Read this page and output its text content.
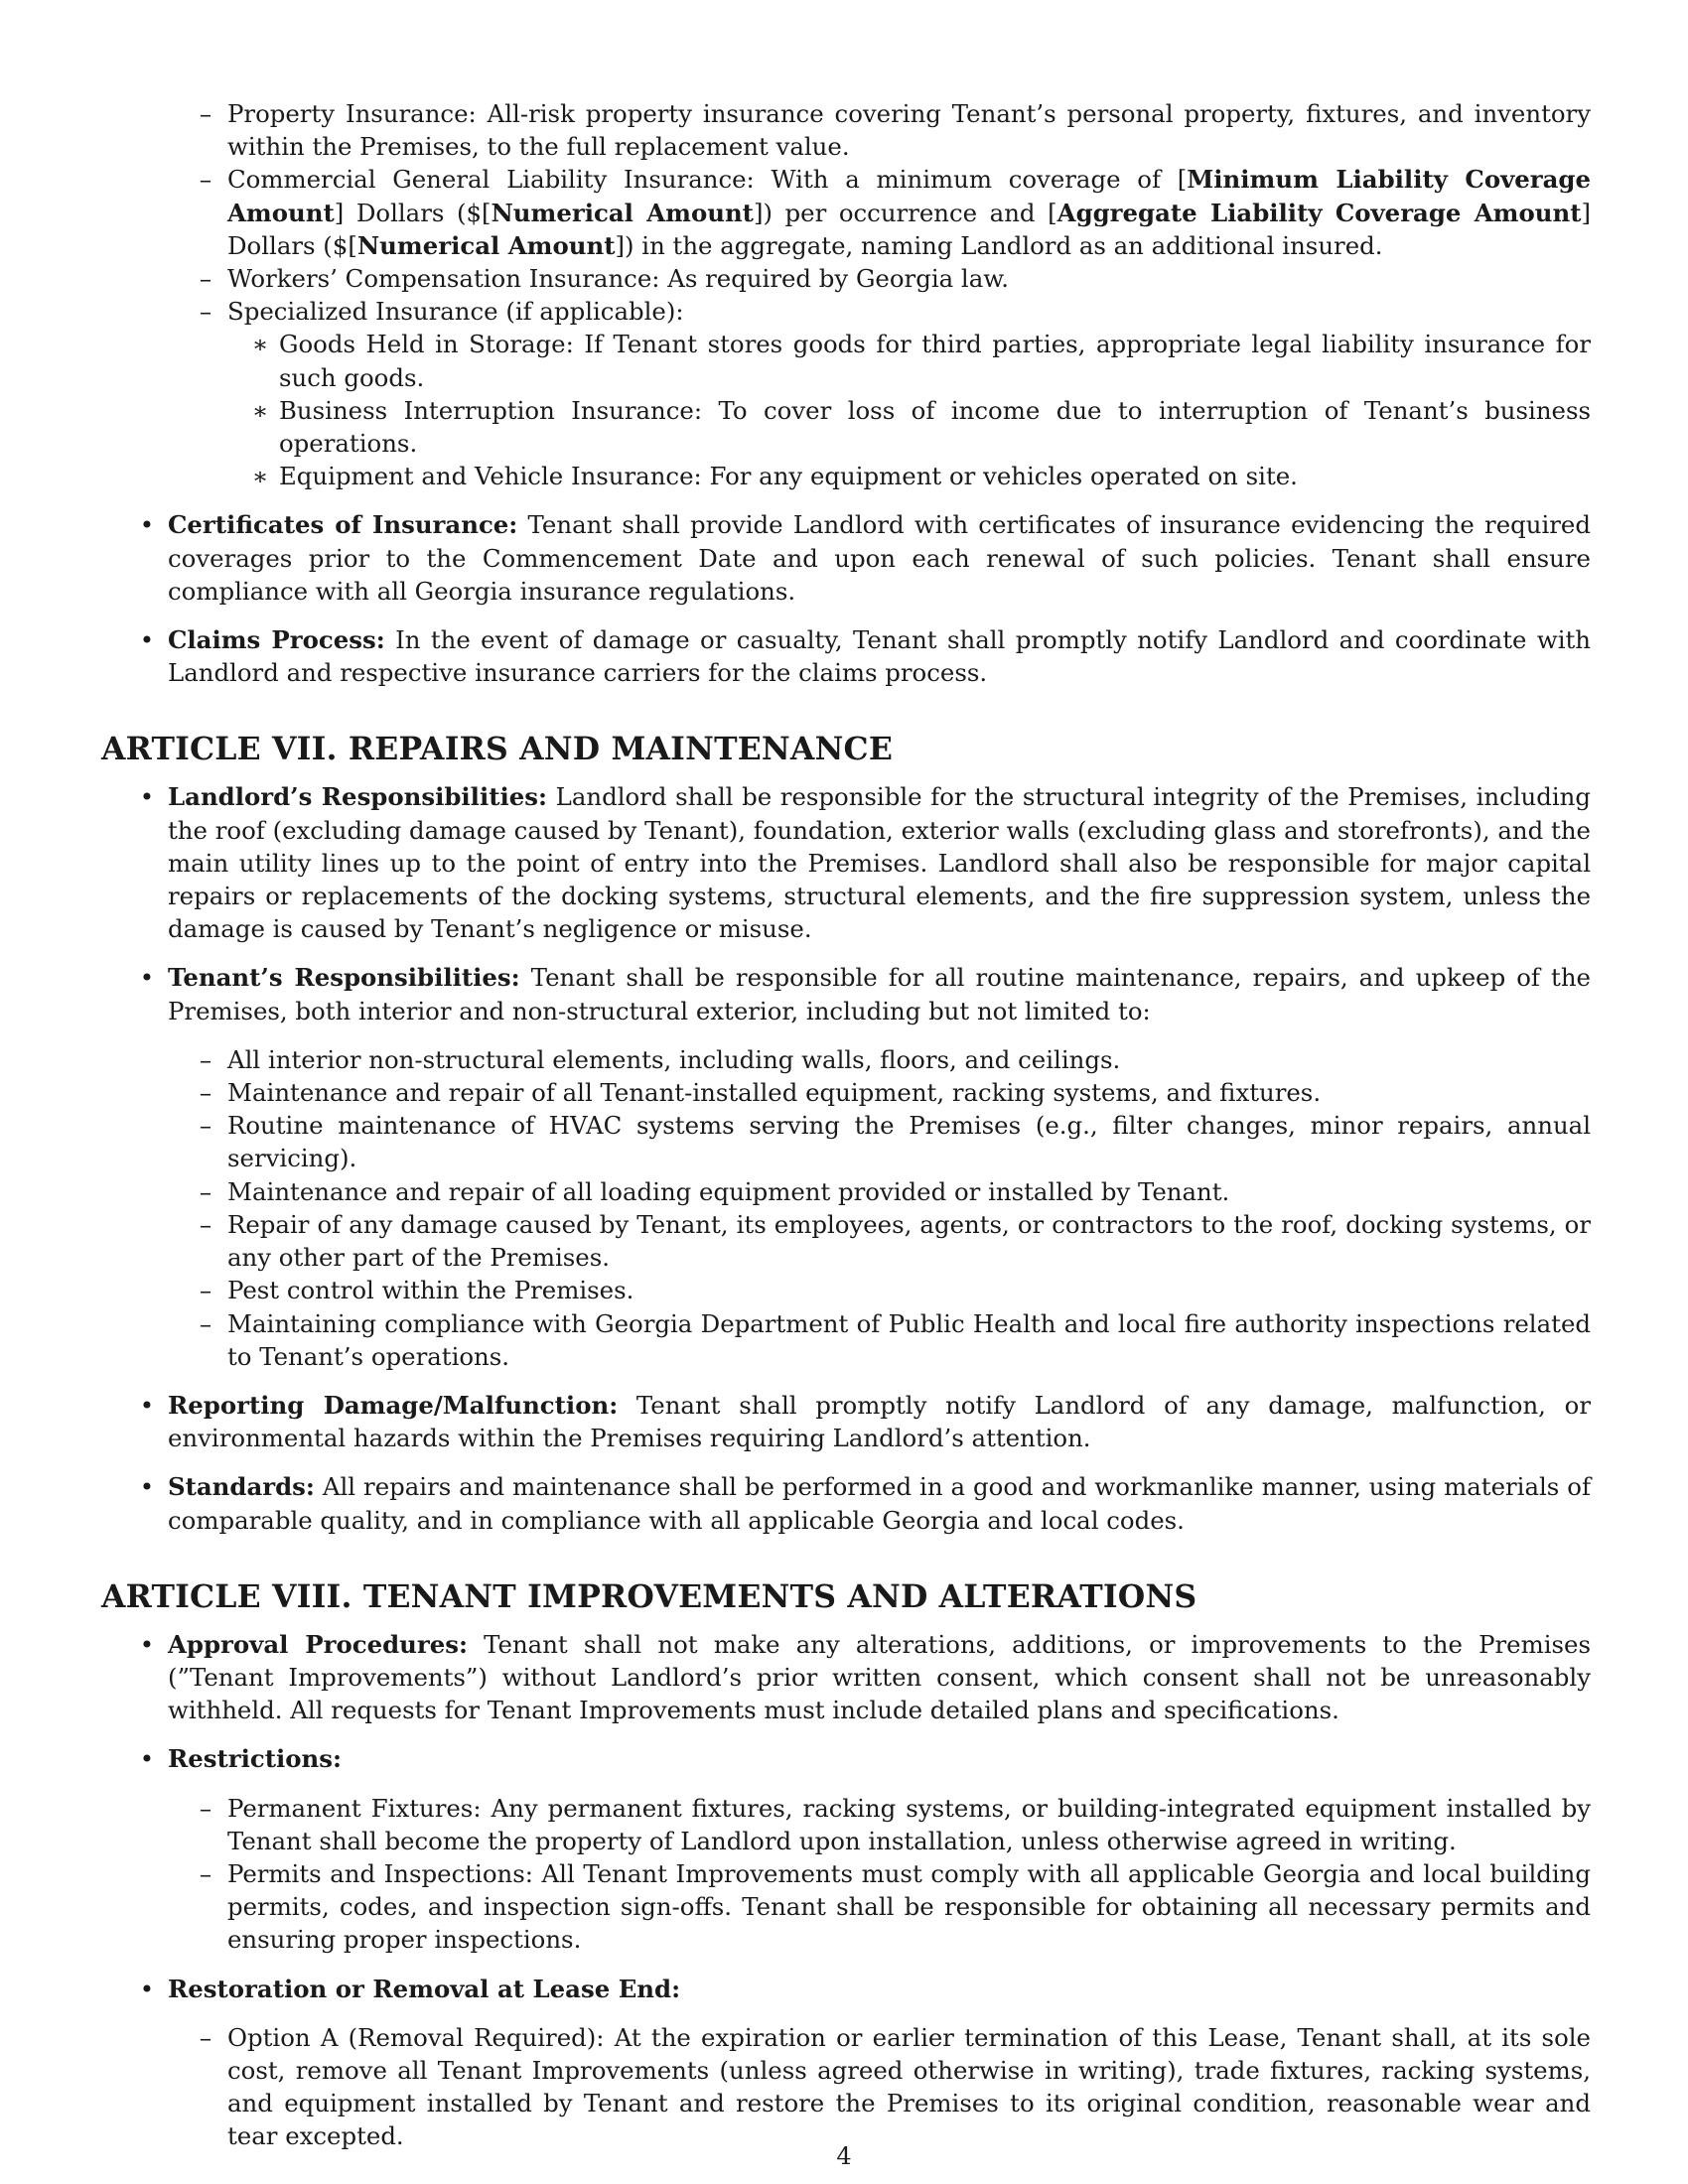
– Property Insurance: All-risk property insurance covering Tenant’s personal property, fixtures, and inventory within the Premises, to the full replacement value.

– Commercial General Liability Insurance: With a minimum coverage of [Minimum Liability Coverage Amount] Dollars ($[Numerical Amount]) per occurrence and [Aggregate Liability Coverage Amount] Dollars ($[Numerical Amount]) in the aggregate, naming Landlord as an additional insured.

– Workers’ Compensation Insurance: As required by Georgia law.

– Specialized Insurance (if applicable):

∗ Goods Held in Storage: If Tenant stores goods for third parties, appropriate legal liability insurance for such goods.

∗ Business Interruption Insurance: To cover loss of income due to interruption of Tenant’s business operations.

∗ Equipment and Vehicle Insurance: For any equipment or vehicles operated on site.

• Certificates of Insurance: Tenant shall provide Landlord with certificates of insurance evidencing the required coverages prior to the Commencement Date and upon each renewal of such policies. Tenant shall ensure compliance with all Georgia insurance regulations.

• Claims Process: In the event of damage or casualty, Tenant shall promptly notify Landlord and coordinate with Landlord and respective insurance carriers for the claims process.

ARTICLE VII. REPAIRS AND MAINTENANCE

• Landlord’s Responsibilities: Landlord shall be responsible for the structural integrity of the Premises, including the roof (excluding damage caused by Tenant), foundation, exterior walls (excluding glass and storefronts), and the main utility lines up to the point of entry into the Premises. Landlord shall also be responsible for major capital repairs or replacements of the docking systems, structural elements, and the fire suppression system, unless the damage is caused by Tenant’s negligence or misuse.

• Tenant’s Responsibilities: Tenant shall be responsible for all routine maintenance, repairs, and upkeep of the Premises, both interior and non-structural exterior, including but not limited to:

– All interior non-structural elements, including walls, floors, and ceilings.

– Maintenance and repair of all Tenant-installed equipment, racking systems, and fixtures.

– Routine maintenance of HVAC systems serving the Premises (e.g., filter changes, minor repairs, annual servicing).

– Maintenance and repair of all loading equipment provided or installed by Tenant.

– Repair of any damage caused by Tenant, its employees, agents, or contractors to the roof, docking systems, or any other part of the Premises.

– Pest control within the Premises.

– Maintaining compliance with Georgia Department of Public Health and local fire authority inspections related to Tenant’s operations.

• Reporting Damage/Malfunction: Tenant shall promptly notify Landlord of any damage, malfunction, or environmental hazards within the Premises requiring Landlord’s attention.

• Standards: All repairs and maintenance shall be performed in a good and workmanlike manner, using materials of comparable quality, and in compliance with all applicable Georgia and local codes.

ARTICLE VIII. TENANT IMPROVEMENTS AND ALTERATIONS

• Approval Procedures: Tenant shall not make any alterations, additions, or improvements to the Premises (”Tenant Improvements”) without Landlord’s prior written consent, which consent shall not be unreasonably withheld. All requests for Tenant Improvements must include detailed plans and specifications.

• Restrictions:

– Permanent Fixtures: Any permanent fixtures, racking systems, or building-integrated equipment installed by Tenant shall become the property of Landlord upon installation, unless otherwise agreed in writing.

– Permits and Inspections: All Tenant Improvements must comply with all applicable Georgia and local building permits, codes, and inspection sign-offs. Tenant shall be responsible for obtaining all necessary permits and ensuring proper inspections.

• Restoration or Removal at Lease End:

– Option A (Removal Required): At the expiration or earlier termination of this Lease, Tenant shall, at its sole cost, remove all Tenant Improvements (unless agreed otherwise in writing), trade fixtures, racking systems, and equipment installed by Tenant and restore the Premises to its original condition, reasonable wear and tear excepted.

4
